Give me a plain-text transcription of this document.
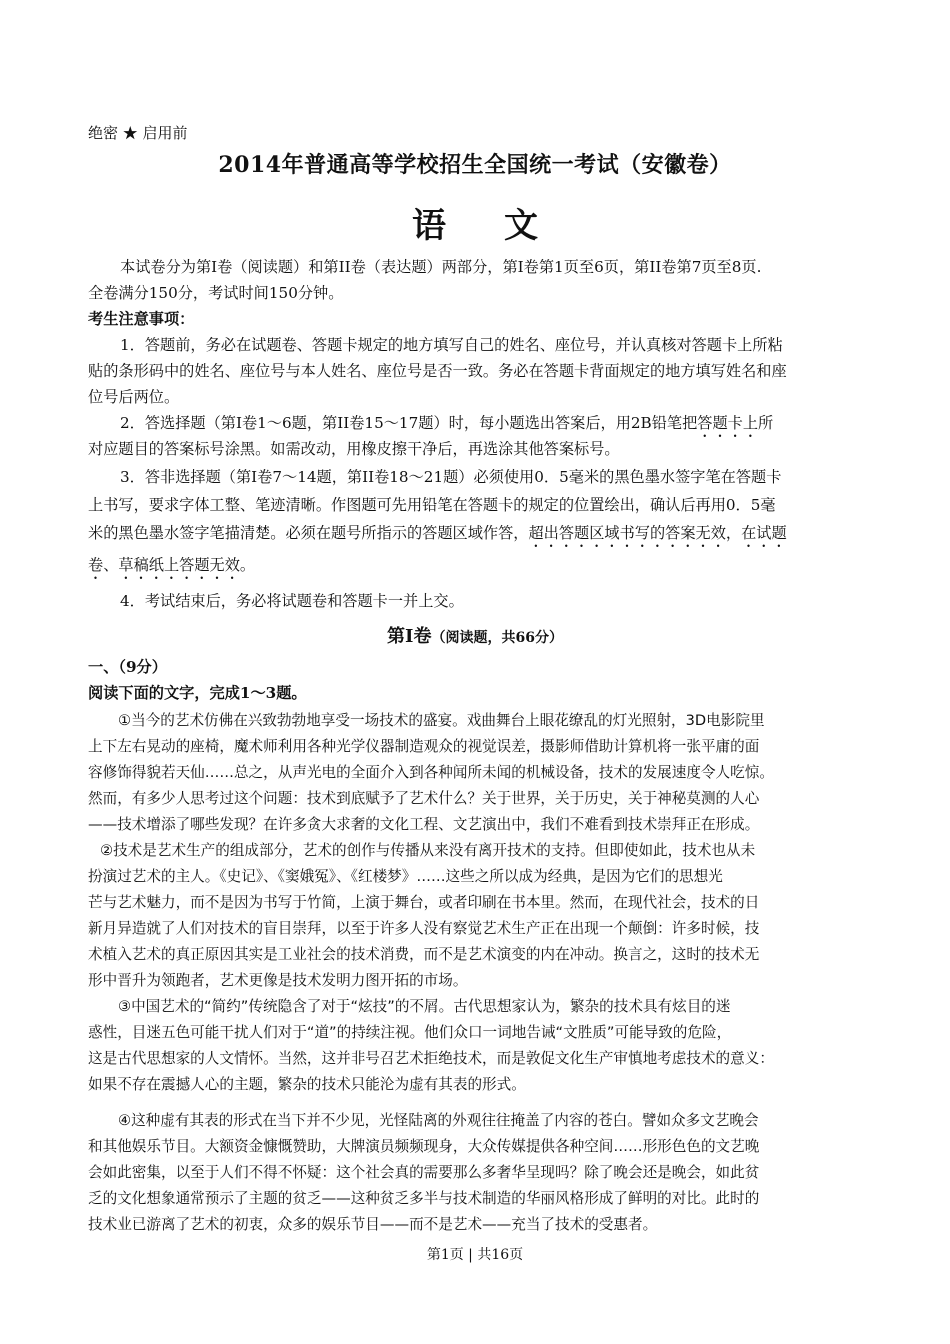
绝密 ★ 启用前
2014年普通高等学校招生全国统一考试（安徽卷）
语文
本试卷分为第I卷（阅读题）和第II卷（表达题）两部分，第I卷第1页至6页，第II卷第7页至8页.
全卷满分150分，考试时间150分钟。
考生注意事项：
1．答题前，务必在试题卷、答题卡规定的地方填写自己的姓名、座位号，并认真核对答题卡上所粘
贴的条形码中的姓名、座位号与本人姓名、座位号是否一致。务必在答题卡背面规定的地方填写姓名和座
位号后两位。
2．答选择题（第I卷1～6题，第II卷15～17题）时，每小题选出答案后，用2B铅笔把答题卡上所
对应题目的答案标号涂黑。如需改动，用橡皮擦干净后，再选涂其他答案标号。
3．答非选择题（第I卷7～14题，第II卷18～21题）必须使用0．5毫米的黑色墨水签字笔在答题卡
上书写，要求字体工整、笔迹清晰。作图题可先用铅笔在答题卡的规定的位置绘出，确认后再用0．5毫
米的黑色墨水签字笔描清楚。必须在题号所指示的答题区域作答，超出答题区域书写的答案无效，在试题
卷、草稿纸上答题无效。
4．考试结束后，务必将试题卷和答题卡一并上交。
第I卷（阅读题，共66分）
一、（9分）
阅读下面的文字，完成1～3题。
①当今的艺术仿佛在兴致勃勃地享受一场技术的盛宴。戏曲舞台上眼花缭乱的灯光照射，3D电影院里
上下左右晃动的座椅，魔术师利用各种光学仪器制造观众的视觉误差，摄影师借助计算机将一张平庸的面
容修饰得貌若天仙……总之，从声光电的全面介入到各种闻所未闻的机械设备，技术的发展速度令人吃惊。
然而，有多少人思考过这个问题：技术到底赋予了艺术什么？关于世界，关于历史，关于神秘莫测的人心
——技术增添了哪些发现？在许多贪大求奢的文化工程、文艺演出中，我们不难看到技术崇拜正在形成。
②技术是艺术生产的组成部分，艺术的创作与传播从来没有离开技术的支持。但即使如此，技术也从未
扮演过艺术的主人。《史记》、《窦娥冤》、《红楼梦》……这些之所以成为经典，是因为它们的思想光
芒与艺术魅力，而不是因为书写于竹简，上演于舞台，或者印刷在书本里。然而，在现代社会，技术的日
新月异造就了人们对技术的盲目崇拜，以至于许多人没有察觉艺术生产正在出现一个颠倒：许多时候，技
术植入艺术的真正原因其实是工业社会的技术消费，而不是艺术演变的内在冲动。换言之，这时的技术无
形中晋升为领跑者，艺术更像是技术发明力图开拓的市场。
③中国艺术的“简约”传统隐含了对于“炫技”的不屑。古代思想家认为，繁杂的技术具有炫目的迷
惑性，目迷五色可能干扰人们对于“道”的持续注视。他们众口一词地告诫“文胜质”可能导致的危险，
这是古代思想家的人文情怀。当然，这并非号召艺术拒绝技术，而是敦促文化生产审慎地考虑技术的意义：
如果不存在震撼人心的主题，繁杂的技术只能沦为虚有其表的形式。
④这种虚有其表的形式在当下并不少见，光怪陆离的外观往往掩盖了内容的苍白。譬如众多文艺晚会
和其他娱乐节目。大额资金慷慨赞助，大牌演员频频现身，大众传媒提供各种空间……形形色色的文艺晚
会如此密集，以至于人们不得不怀疑：这个社会真的需要那么多奢华呈现吗？除了晚会还是晚会，如此贫
乏的文化想象通常预示了主题的贫乏——这种贫乏多半与技术制造的华丽风格形成了鲜明的对比。此时的
技术业已游离了艺术的初衷，众多的娱乐节目——而不是艺术——充当了技术的受惠者。
第1页 | 共16页
